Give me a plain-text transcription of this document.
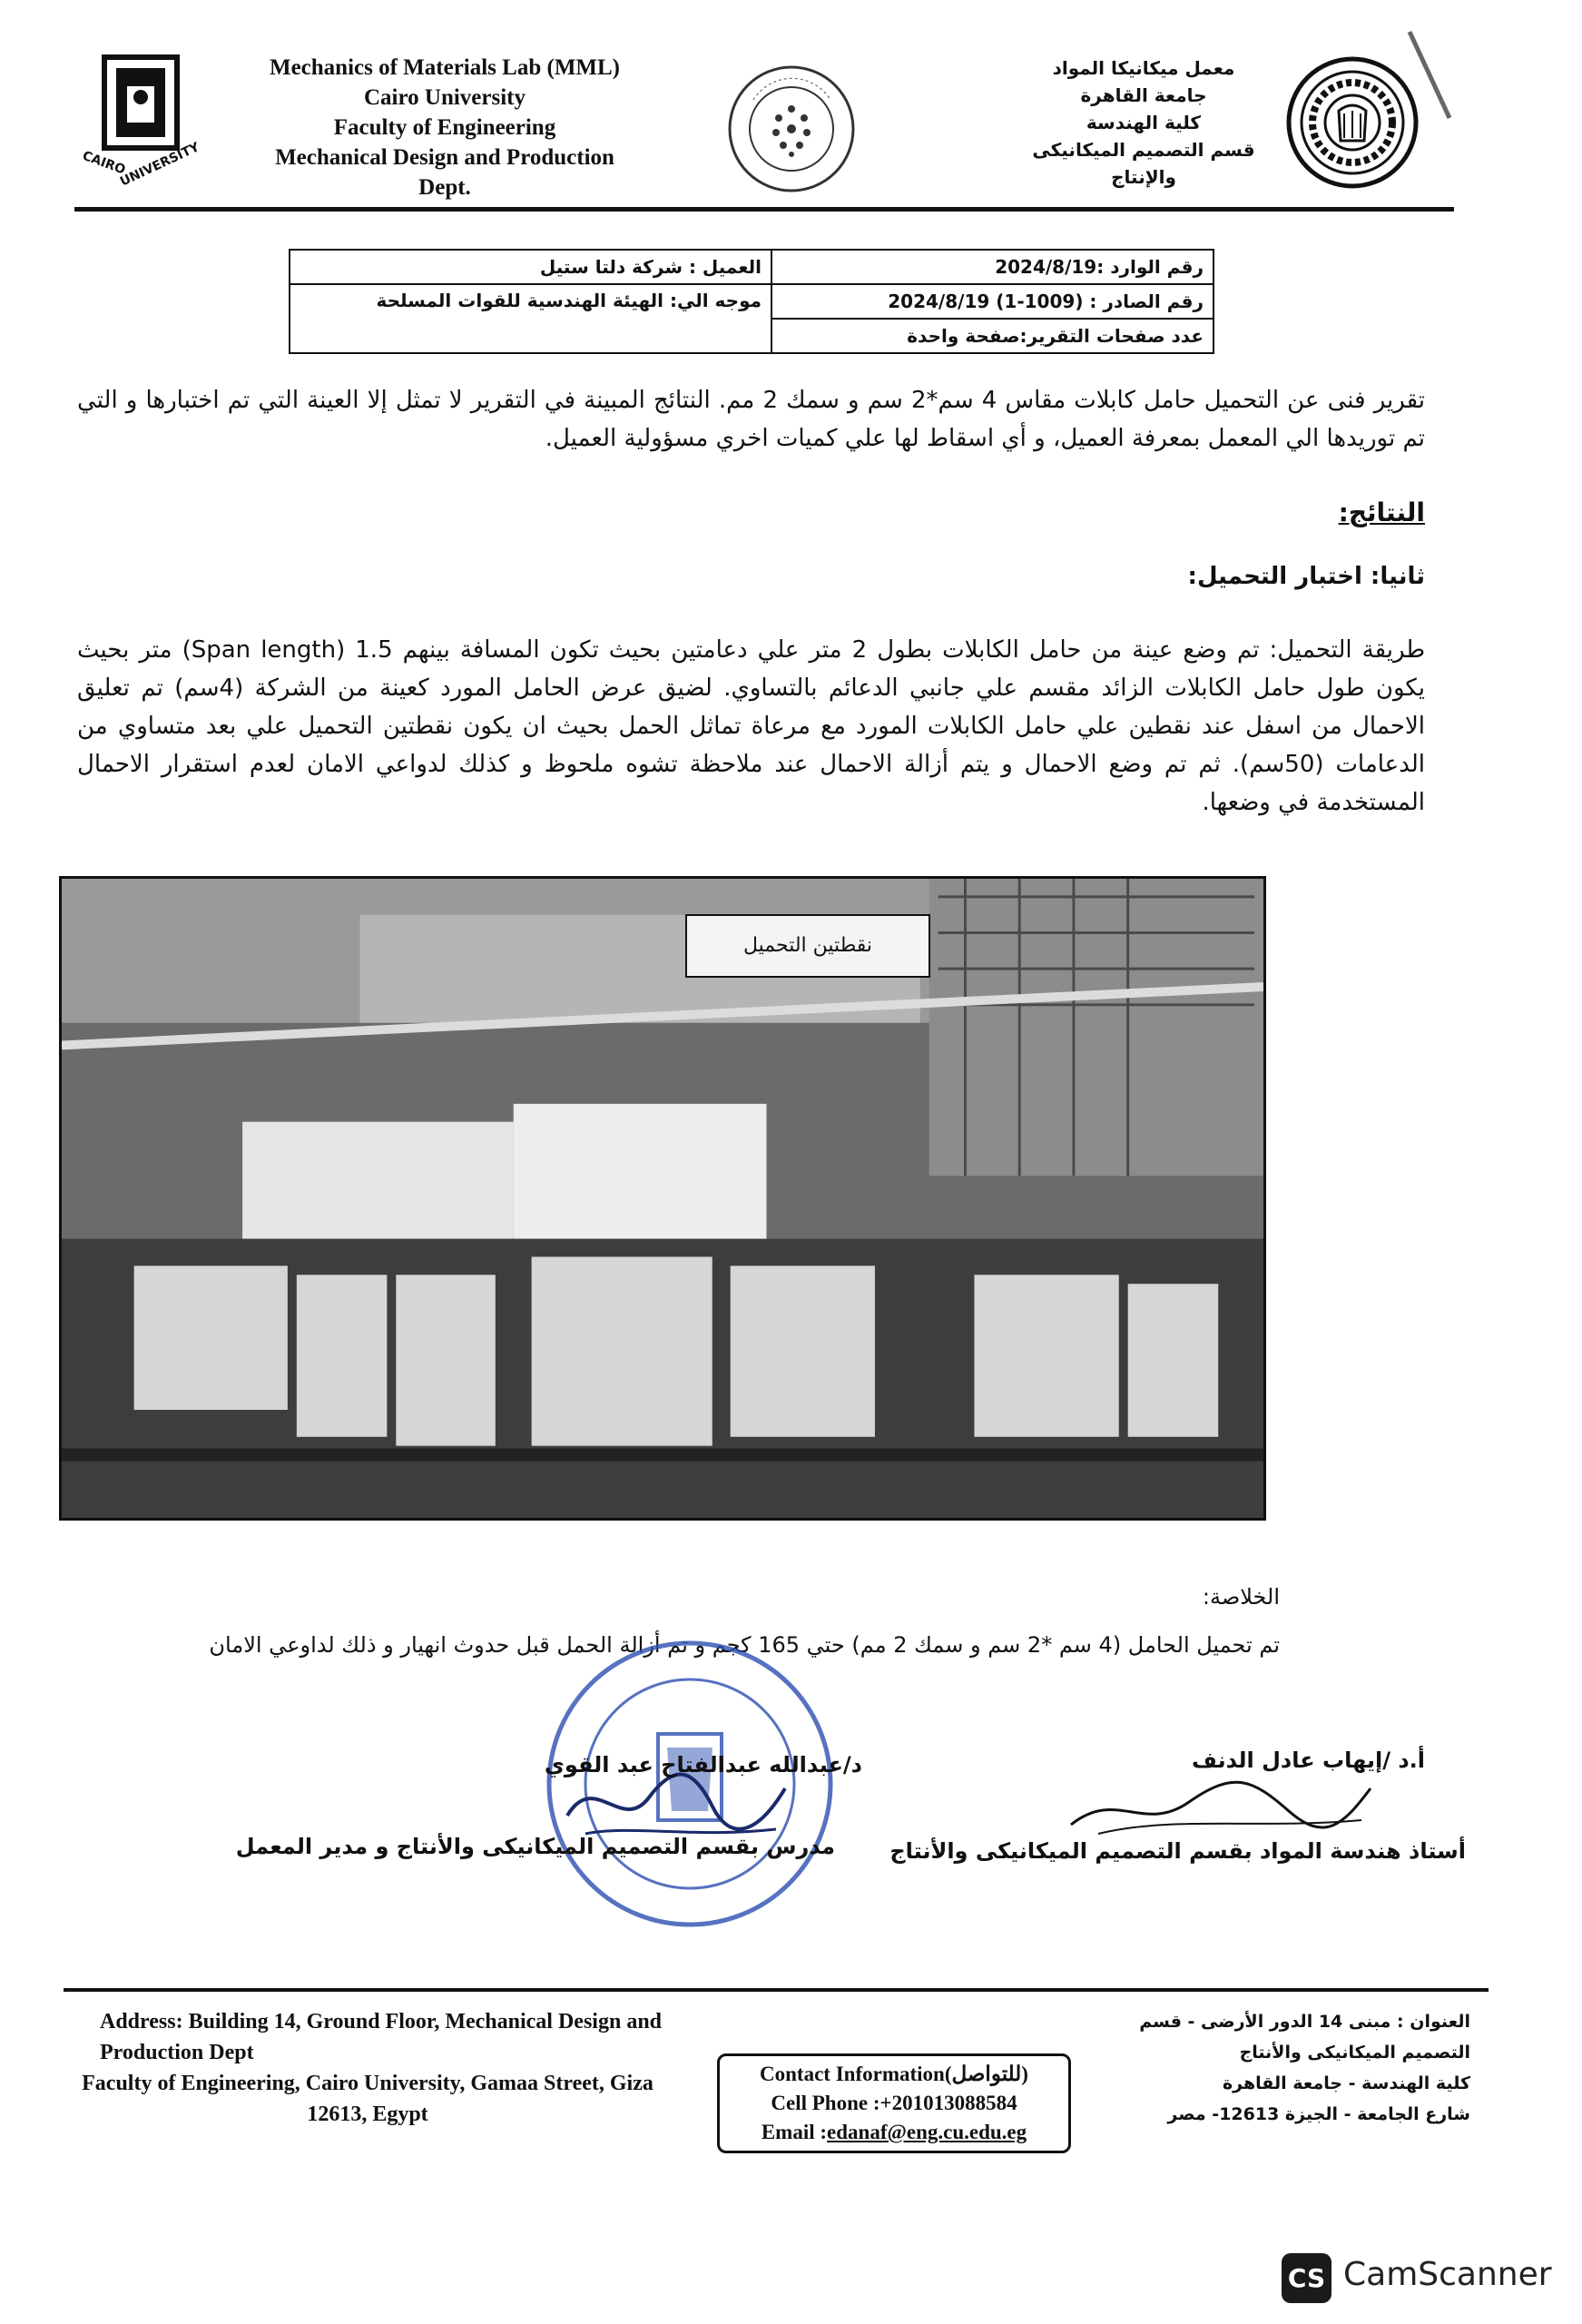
CAIRO
UNIVERSITY
Mechanics of Materials Lab (MML)
Cairo University
Faculty of Engineering
Mechanical Design and Production
Dept.
معمل ميكانيكا المواد
جامعة القاهرة
كلية الهندسة
قسم التصميم الميكانيكى
والإنتاج
رقم الوارد :2024/8/19	العميل : شركة دلتا ستيل
رقم الصادر : (1009-1) 2024/8/19	موجه الي: الهيئة الهندسية للقوات المسلحة
عدد صفحات التقرير:صفحة واحدة	
تقرير فنى عن التحميل حامل كابلات مقاس 4 سم*2 سم و سمك 2 مم. النتائج المبينة في التقرير لا تمثل إلا العينة التي تم اختبارها و التي تم توريدها الي المعمل بمعرفة العميل، و أي اسقاط لها علي كميات اخري مسؤولية العميل.
النتائج:
ثانيا: اختبار التحميل:
طريقة التحميل: تم وضع عينة من حامل الكابلات بطول 2 متر علي دعامتين بحيث تكون المسافة بينهم 1.5 (Span length) متر بحيث يكون طول حامل الكابلات الزائد مقسم علي جانبي الدعائم بالتساوي. لضيق عرض الحامل المورد كعينة من الشركة (4سم) تم تعليق الاحمال من اسفل عند نقطين علي حامل الكابلات المورد مع مرعاة تماثل الحمل بحيث ان يكون نقطتين التحميل علي بعد متساوي من الدعامات (50سم). ثم تم وضع الاحمال و يتم أزالة الاحمال عند ملاحظة تشوه ملحوظ و كذلك لدواعي الامان لعدم استقرار الاحمال المستخدمة في وضعها.
نقطتين التحميل
الخلاصة:
تم تحميل الحامل (4 سم *2 سم و سمك 2 مم) حتي 165 كجم و تم أزالة الحمل قبل حدوث انهيار و ذلك لداوعي الامان
د/عبدالله عبدالفتاح عبد القوي
مدرس بقسم التصميم الميكانيكى والأنتاج و مدير المعمل
أ.د /إيهاب عادل الدنف
أستاذ هندسة المواد بقسم التصميم الميكانيكى والأنتاج
Address: Building 14, Ground Floor, Mechanical Design and Production Dept
Faculty of Engineering, Cairo University, Gamaa Street, Giza 12613, Egypt
Contact Information(للتواصل)
Cell Phone :+201013088584
Email :edanaf@eng.cu.edu.eg
العنوان : مبنى 14 الدور الأرضى - قسم التصميم الميكانيكى والأنتاج
كلية الهندسة - جامعة القاهرة
شارع الجامعة - الجيزة 12613- مصر
CS CamScanner
